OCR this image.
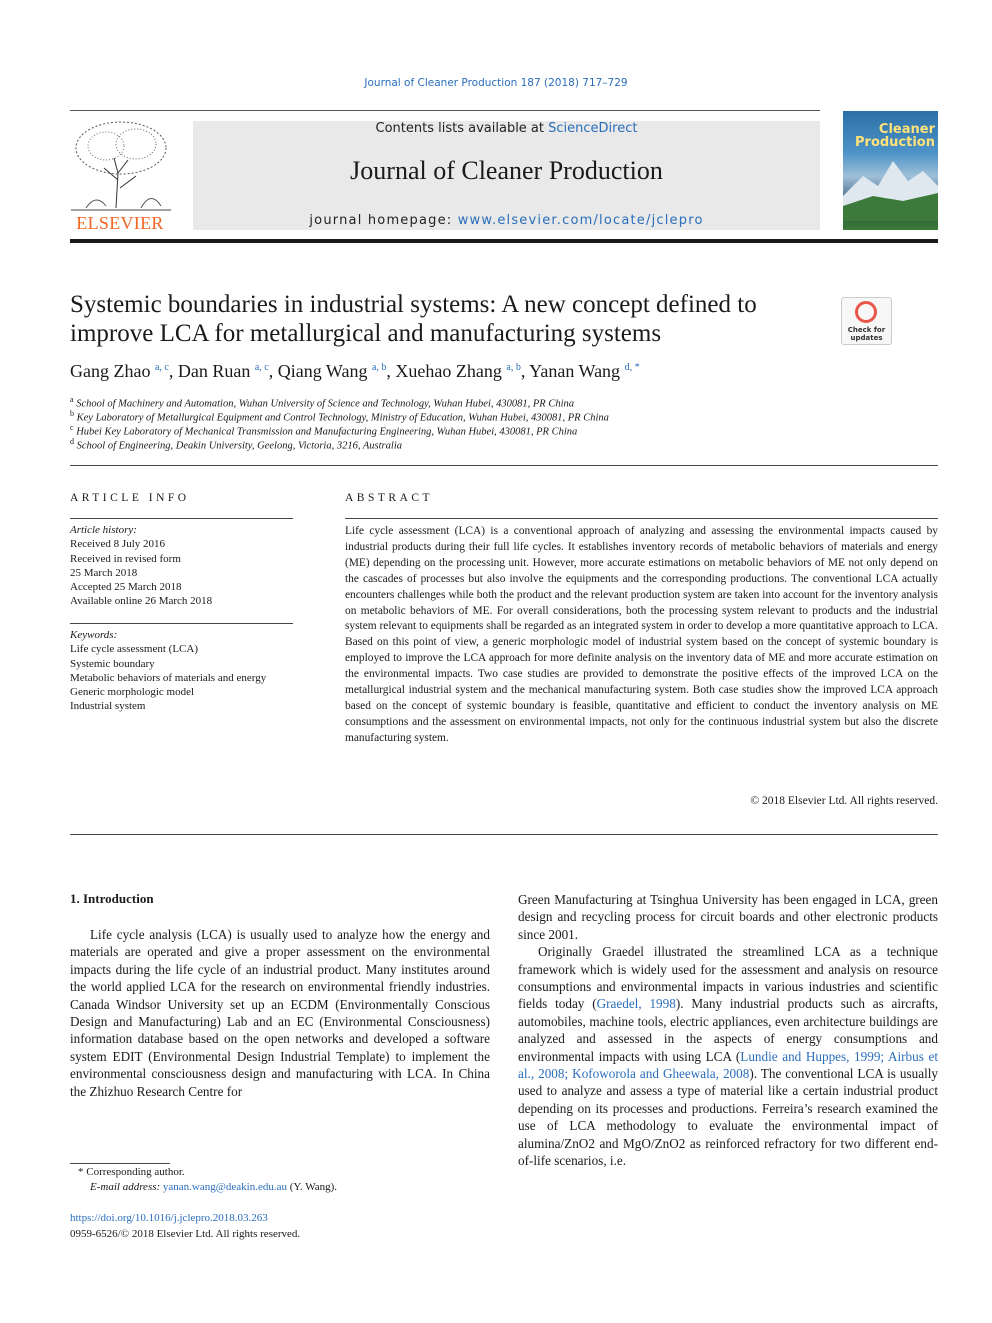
Journal of Cleaner Production 187 (2018) 717–729
ELSEVIER
Contents lists available at ScienceDirect
Journal of Cleaner Production
journal homepage: www.elsevier.com/locate/jclepro
Cleaner Production
Systemic boundaries in industrial systems: A new concept defined to improve LCA for metallurgical and manufacturing systems	Check for updates
Gang Zhao $^{a, c}$, Dan Ruan $^{a, c}$, Qiang Wang $^{a, b}$, Xuehao Zhang $^{a, b}$, Yanan Wang $^{d, *}$
$^a$ School of Machinery and Automation, Wuhan University of Science and Technology, Wuhan Hubei, 430081, PR China
$^b$ Key Laboratory of Metallurgical Equipment and Control Technology, Ministry of Education, Wuhan Hubei, 430081, PR China
$^c$ Hubei Key Laboratory of Mechanical Transmission and Manufacturing Engineering, Wuhan Hubei, 430081, PR China
$^d$ School of Engineering, Deakin University, Geelong, Victoria, 3216, Australia
ARTICLE INFO
Article history:
Received 8 July 2016
Received in revised form
25 March 2018
Accepted 25 March 2018
Available online 26 March 2018
Keywords:
Life cycle assessment (LCA)
Systemic boundary
Metabolic behaviors of materials and energy
Generic morphologic model
Industrial system
ABSTRACT
Life cycle assessment (LCA) is a conventional approach of analyzing and assessing the environmental impacts caused by industrial products during their full life cycles. It establishes inventory records of metabolic behaviors of materials and energy (ME) depending on the processing unit. However, more accurate estimations on metabolic behaviors of ME not only depend on the cascades of processes but also involve the equipments and the corresponding productions. The conventional LCA actually encounters challenges while both the product and the relevant production system are taken into account for the inventory analysis on metabolic behaviors of ME. For overall considerations, both the processing system relevant to products and the industrial system relevant to equipments shall be regarded as an integrated system in order to develop a more quantitative approach to LCA. Based on this point of view, a generic morphologic model of industrial system based on the concept of systemic boundary is employed to improve the LCA approach for more definite analysis on the inventory data of ME and more accurate estimation on the environmental impacts. Two case studies are provided to demonstrate the positive effects of the improved LCA on the metallurgical industrial system and the mechanical manufacturing system. Both case studies show the improved LCA approach based on the concept of systemic boundary is feasible, quantitative and efficient to conduct the inventory analysis on ME consumptions and the assessment on environmental impacts, not only for the continuous industrial system but also the discrete manufacturing system.
© 2018 Elsevier Ltd. All rights reserved.
1. Introduction

Life cycle analysis (LCA) is usually used to analyze how the energy and materials are operated and give a proper assessment on the environmental impacts during the life cycle of an industrial product. Many institutes around the world applied LCA for the research on environmental friendly industries. Canada Windsor University set up an ECDM (Environmentally Conscious Design and Manufacturing) Lab and an EC (Environmental Consciousness) information database based on the open networks and developed a software system EDIT (Environmental Design Industrial Template) to implement the environmental consciousness design and manufacturing with LCA. In China the Zhizhuo Research Centre for

Green Manufacturing at Tsinghua University has been engaged in LCA, green design and recycling process for circuit boards and other electronic products since 2001.

Originally Graedel illustrated the streamlined LCA as a technique framework which is widely used for the assessment and analysis on resource consumptions and environmental impacts in various industries and scientific fields today (Graedel, 1998). Many industrial products such as aircrafts, automobiles, machine tools, electric appliances, even architecture buildings are analyzed and assessed in the aspects of energy consumptions and environmental impacts with using LCA (Lundie and Huppes, 1999; Airbus et al., 2008; Kofoworola and Gheewala, 2008). The conventional LCA is usually used to analyze and assess a type of material like a certain industrial product depending on its processes and productions. Ferreira’s research examined the use of LCA methodology to evaluate the environmental impact of alumina/ZnO2 and MgO/ZnO2 as reinforced refractory for two different end-of-life scenarios, i.e.

* Corresponding author.
E-mail address: yanan.wang@deakin.edu.au (Y. Wang).
https://doi.org/10.1016/j.jclepro.2018.03.263
0959-6526/© 2018 Elsevier Ltd. All rights reserved.
